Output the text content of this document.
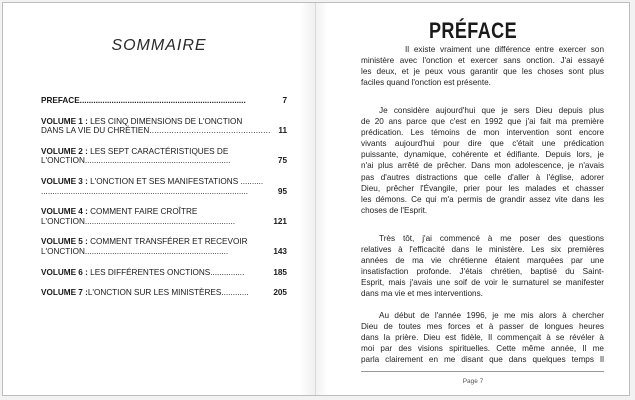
SOMMAIRE
PREFACE.........................................................................	7
VOLUME 1 : LES CINQ DIMENSIONS DE L'ONCTION
DANS LA VIE DU CHRÉTIEN................................................. 11
VOLUME 2 : LES SEPT CARACTÉRISTIQUES DE
L'ONCTION................................................................	75
VOLUME 3 : L'ONCTION ET SES MANIFESTATIONS ..........
...........................................................................................	95
VOLUME 4 : COMMENT FAIRE CROÎTRE
L'ONCTION..................................................................	121
VOLUME 5 : COMMENT TRANSFÉRER ET RECEVOIR
L'ONCTION...............................................................	143
VOLUME 6 : LES DIFFÉRENTES ONCTIONS...............	185
VOLUME 7 :L'ONCTION SUR LES MINISTÈRES............	205
PRÉFACE
Il existe vraiment une différence entre exercer son
ministère avec l'onction et exercer sans onction. J'ai essayé
les deux, et je peux vous garantir que les choses sont plus
faciles quand l'onction est présente.
Je considère aujourd'hui que je sers Dieu depuis plus
de 20 ans parce que c'est en 1992 que j'ai fait ma première
prédication. Les témoins de mon intervention sont encore
vivants aujourd'hui pour dire que c'était une prédication
puissante, dynamique, cohérente et édifiante. Depuis lors, je
n'ai plus arrêté de prêcher. Dans mon adolescence, je n'avais
pas d'autres distractions que celle d'aller à l'église, adorer
Dieu, prêcher l'Évangile, prier pour les malades et chasser
les démons. Ce qui m'a permis de grandir assez vite dans les
choses de l'Esprit.
Très tôt, j'ai commencé à me poser des questions
relatives à l'efficacité dans le ministère. Les six premières
années de ma vie chrétienne étaient marquées par une
insatisfaction profonde. J'étais chrétien, baptisé du Saint-
Esprit, mais j'avais une soif de voir le surnaturel se manifester
dans ma vie et mes interventions.
Au début de l'année 1996, je me mis alors à chercher
Dieu de toutes mes forces et à passer de longues heures
dans la prière. Dieu est fidèle, Il commençait à se révéler à
moi par des visions spirituelles. Cette même année, Il me
parla clairement en me disant que dans quelques temps Il
Page 7
